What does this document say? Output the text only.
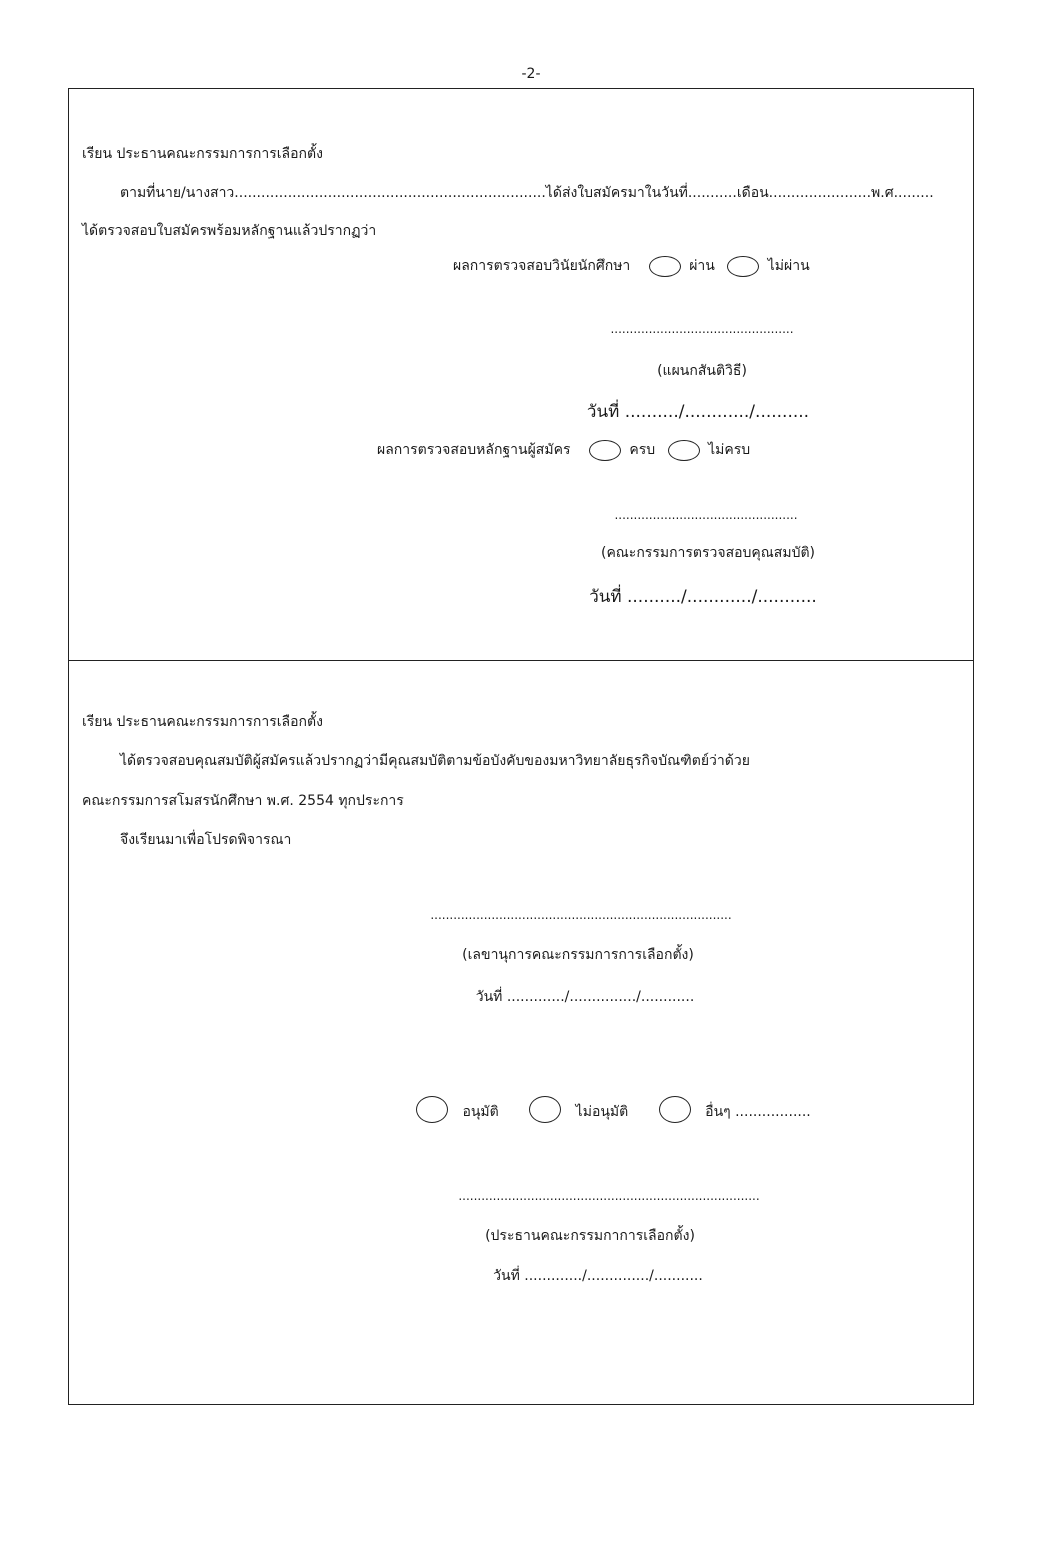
-2-
เรียน ประธานคณะกรรมการการเลือกตั้ง
ตามที่นาย/นางสาว......................................................................ได้ส่งใบสมัครมาในวันที่...........เดือน.......................พ.ศ.........
ได้ตรวจสอบใบสมัครพร้อมหลักฐานแล้วปรากฏว่า
ผลการตรวจสอบวินัยนักศึกษา	ผ่าน	ไม่ผ่าน
................................................
(แผนกสันติวิธี)
วันที่ ........../............/..........
ผลการตรวจสอบหลักฐานผู้สมัคร	ครบ	ไม่ครบ
................................................
(คณะกรรมการตรวจสอบคุณสมบัติ)
วันที่ ........../............/...........
เรียน ประธานคณะกรรมการการเลือกตั้ง
ได้ตรวจสอบคุณสมบัติผู้สมัครแล้วปรากฏว่ามีคุณสมบัติตามข้อบังคับของมหาวิทยาลัยธุรกิจบัณฑิตย์ว่าด้วย
คณะกรรมการสโมสรนักศึกษา พ.ศ. 2554 ทุกประการ
จึงเรียนมาเพื่อโปรดพิจารณา
...............................................................................
(เลขานุการคณะกรรมการการเลือกตั้ง)
วันที่ ............./.............../............
อนุมัติ	ไม่อนุมัติ	อื่นๆ .................
...............................................................................
(ประธานคณะกรรมกาการเลือกตั้ง)
วันที่ ............./............../...........
